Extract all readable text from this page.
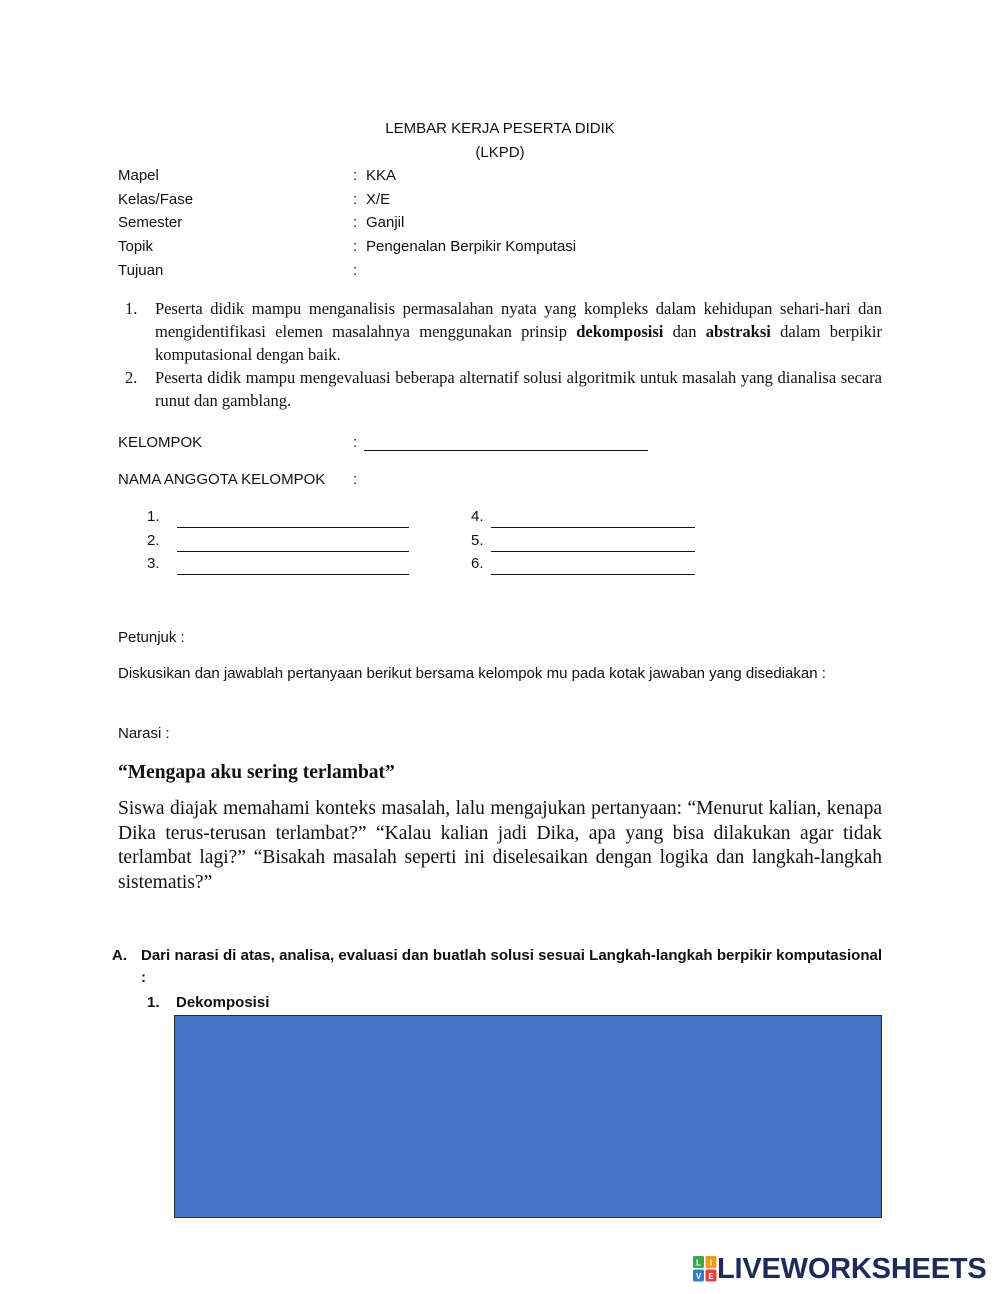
LEMBAR KERJA PESERTA DIDIK
(LKPD)
Mapel	: KKA
Kelas/Fase	: X/E
Semester	: Ganjil
Topik	: Pengenalan Berpikir Komputasi
Tujuan	:
1. Peserta didik mampu menganalisis permasalahan nyata yang kompleks dalam kehidupan sehari-hari dan mengidentifikasi elemen masalahnya menggunakan prinsip dekomposisi dan abstraksi dalam berpikir komputasional dengan baik.
2. Peserta didik mampu mengevaluasi beberapa alternatif solusi algoritmik untuk masalah yang dianalisa secara runut dan gamblang.
KELOMPOK	:
NAMA ANGGOTA KELOMPOK :
1.
2.
3.
4.
5.
6.
Petunjuk :
Diskusikan dan jawablah pertanyaan berikut bersama kelompok mu pada kotak jawaban yang disediakan :
Narasi :
“Mengapa aku sering terlambat”
Siswa diajak memahami konteks masalah, lalu mengajukan pertanyaan: “Menurut kalian, kenapa Dika terus-terusan terlambat?” “Kalau kalian jadi Dika, apa yang bisa dilakukan agar tidak terlambat lagi?” “Bisakah masalah seperti ini diselesaikan dengan logika dan langkah-langkah sistematis?”
A. Dari narasi di atas, analisa, evaluasi dan buatlah solusi sesuai Langkah-langkah berpikir komputasional :
1. Dekomposisi
L I
V E LIVEWORKSHEETS
